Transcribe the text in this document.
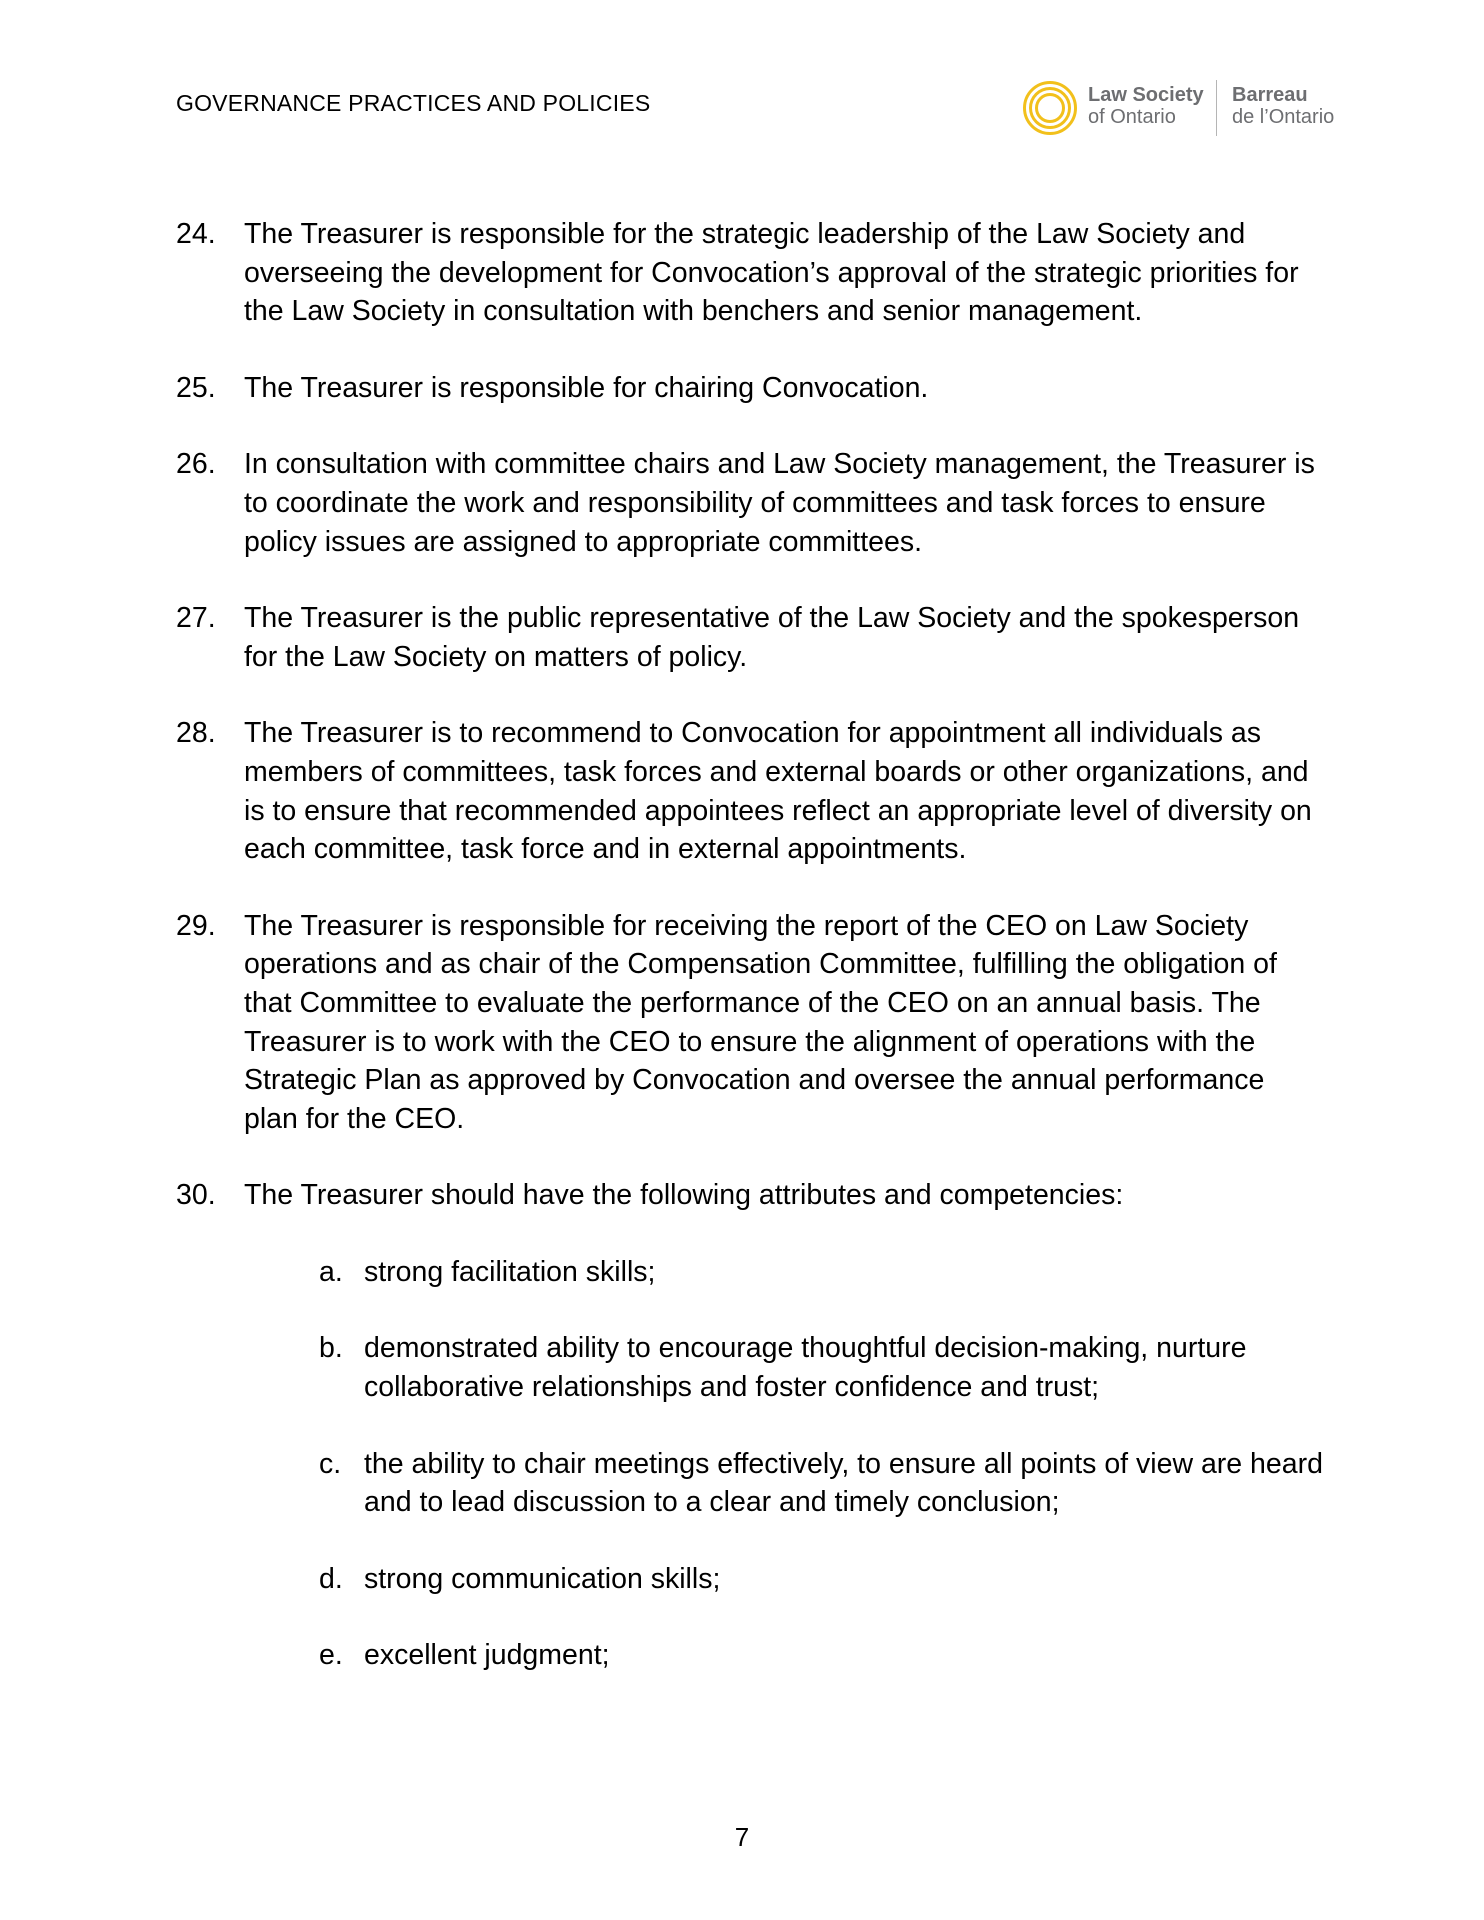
GOVERNANCE PRACTICES AND POLICIES	Law Society
of Ontario
Barreau
de l’Ontario
24. The Treasurer is responsible for the strategic leadership of the Law Society and overseeing the development for Convocation’s approval of the strategic priorities for the Law Society in consultation with benchers and senior management.
25. The Treasurer is responsible for chairing Convocation.
26. In consultation with committee chairs and Law Society management, the Treasurer is to coordinate the work and responsibility of committees and task forces to ensure policy issues are assigned to appropriate committees.
27. The Treasurer is the public representative of the Law Society and the spokesperson for the Law Society on matters of policy.
28. The Treasurer is to recommend to Convocation for appointment all individuals as members of committees, task forces and external boards or other organizations, and is to ensure that recommended appointees reflect an appropriate level of diversity on each committee, task force and in external appointments.
29. The Treasurer is responsible for receiving the report of the CEO on Law Society operations and as chair of the Compensation Committee, fulfilling the obligation of that Committee to evaluate the performance of the CEO on an annual basis. The Treasurer is to work with the CEO to ensure the alignment of operations with the Strategic Plan as approved by Convocation and oversee the annual performance plan for the CEO.
30. The Treasurer should have the following attributes and competencies:
a. strong facilitation skills;
b. demonstrated ability to encourage thoughtful decision-making, nurture collaborative relationships and foster confidence and trust;
c. the ability to chair meetings effectively, to ensure all points of view are heard and to lead discussion to a clear and timely conclusion;
d. strong communication skills;
e. excellent judgment;
7
